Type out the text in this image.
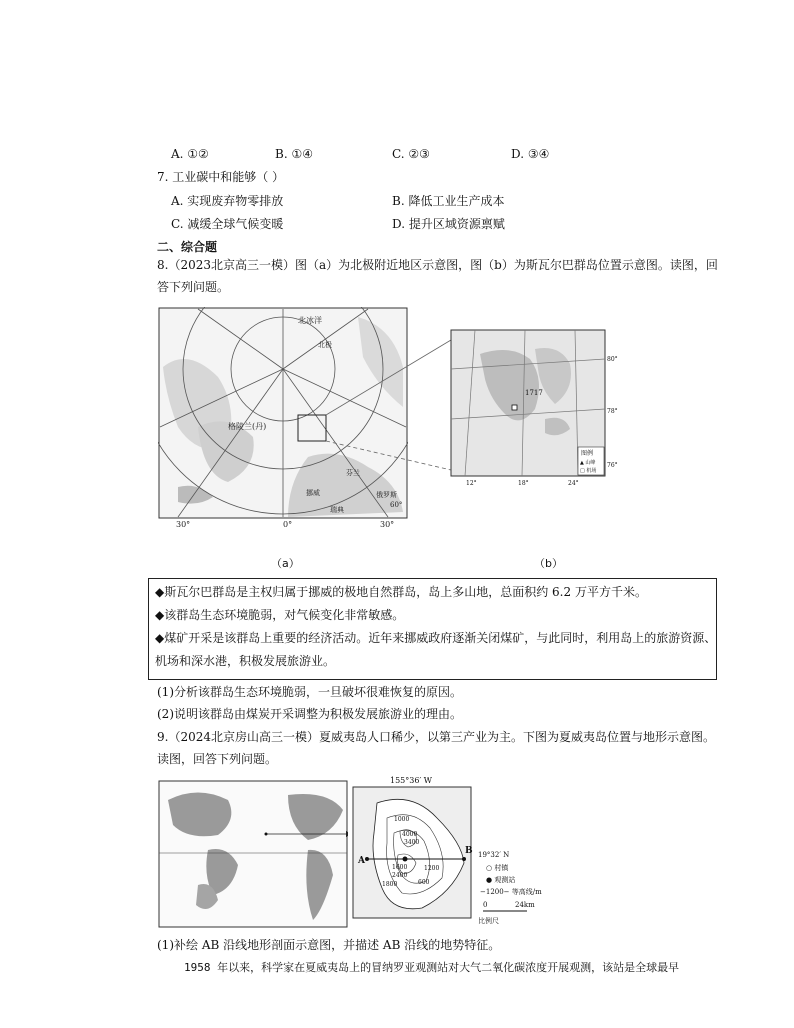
A. ①②	B. ①④	C. ②③	D. ③④
7. 工业碳中和能够（ ）
A. 实现废弃物零排放	B. 降低工业生产成本
C. 减缓全球气候变暖	D. 提升区域资源禀赋
二、综合题
8.（2023北京高三一模）图（a）为北极附近地区示意图，图（b）为斯瓦尔巴群岛位置示意图。读图，回
答下列问题。
北冰洋
北极
格陵兰(丹)
挪威
芬兰
瑞典
俄罗斯
60°
30°	0°	30°
1717
图例
▲ 山峰
□ 机场
80°
78°
76°
12°	18°	24°
（a）	（b）
◆斯瓦尔巴群岛是主权归属于挪威的极地自然群岛，岛上多山地，总面积约 6.2 万平方千米。
◆该群岛生态环境脆弱，对气候变化非常敏感。
◆煤矿开采是该群岛上重要的经济活动。近年来挪威政府逐渐关闭煤矿，与此同时，利用岛上的旅游资源、
机场和深水港，积极发展旅游业。
(1)分析该群岛生态环境脆弱，一旦破坏很难恢复的原因。
(2)说明该群岛由煤炭开采调整为积极发展旅游业的理由。
9.（2024北京房山高三一模）夏威夷岛人口稀少，以第三产业为主。下图为夏威夷岛位置与地形示意图。
读图，回答下列问题。
155°36′ W
A
B
4000
3400
1000
1600
2400
1800
1200
600
19°32′ N
○ 村镇
● 观测站
−1200− 等高线/m
0	24km
比例尺
(1)补绘 AB 沿线地形剖面示意图，并描述 AB 沿线的地势特征。
1958 年以来，科学家在夏威夷岛上的冒纳罗亚观测站对大气二氧化碳浓度开展观测，该站是全球最早
